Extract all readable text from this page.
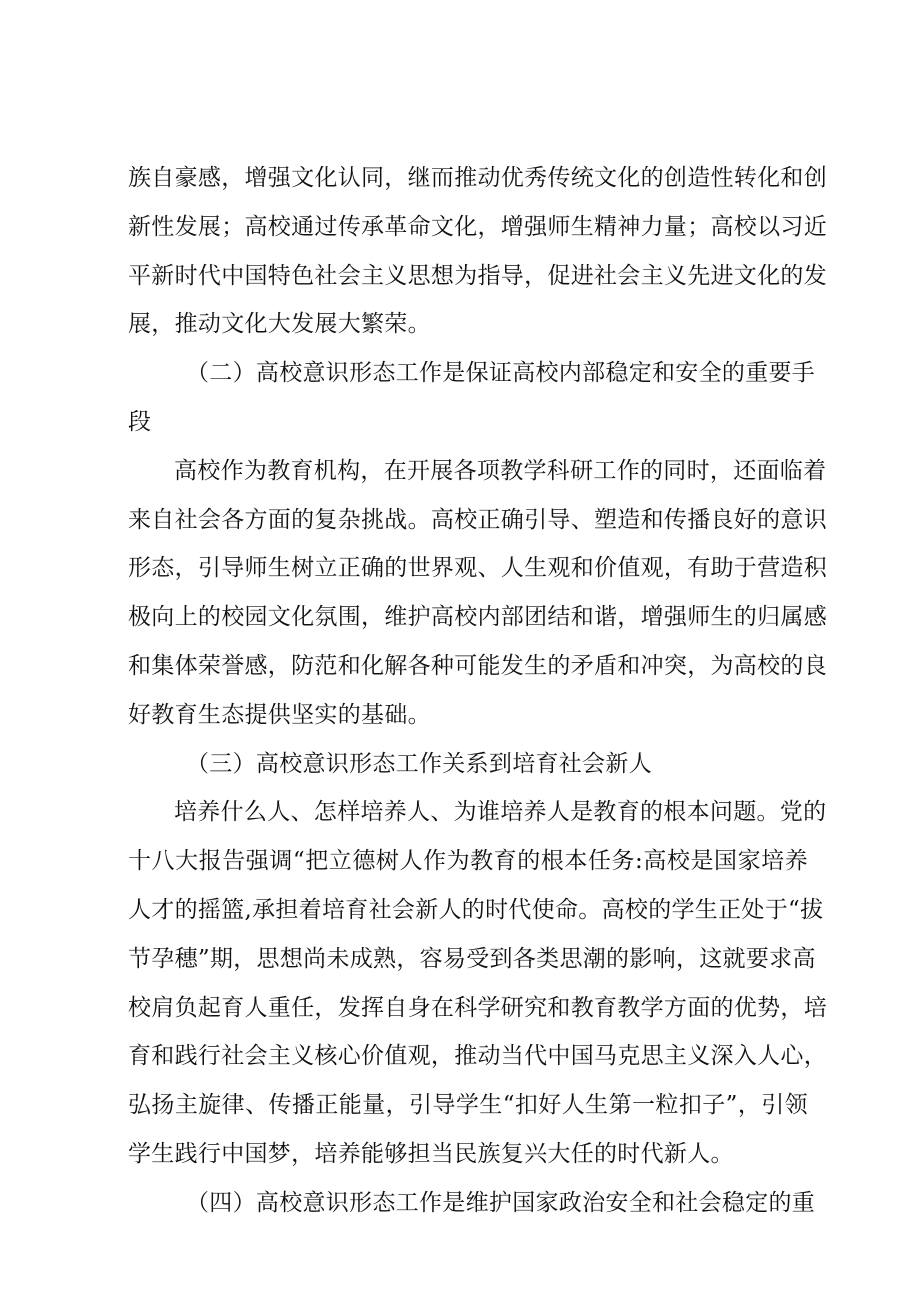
族自豪感，增强文化认同，继而推动优秀传统文化的创造性转化和创
新性发展；高校通过传承革命文化，增强师生精神力量；高校以习近
平新时代中国特色社会主义思想为指导，促进社会主义先进文化的发
展，推动文化大发展大繁荣。
（二）高校意识形态工作是保证高校内部稳定和安全的重要手
段
高校作为教育机构，在开展各项教学科研工作的同时，还面临着
来自社会各方面的复杂挑战。高校正确引导、塑造和传播良好的意识
形态，引导师生树立正确的世界观、人生观和价值观，有助于营造积
极向上的校园文化氛围，维护高校内部团结和谐，增强师生的归属感
和集体荣誉感，防范和化解各种可能发生的矛盾和冲突，为高校的良
好教育生态提供坚实的基础。
（三）高校意识形态工作关系到培育社会新人
培养什么人、怎样培养人、为谁培养人是教育的根本问题。党的
十八大报告强调“把立德树人作为教育的根本任务:高校是国家培养
人才的摇篮,承担着培育社会新人的时代使命。高校的学生正处于“拔
节孕穗”期，思想尚未成熟，容易受到各类思潮的影响，这就要求高
校肩负起育人重任，发挥自身在科学研究和教育教学方面的优势，培
育和践行社会主义核心价值观，推动当代中国马克思主义深入人心，
弘扬主旋律、传播正能量，引导学生“扣好人生第一粒扣子”，引领
学生践行中国梦，培养能够担当民族复兴大任的时代新人。
（四）高校意识形态工作是维护国家政治安全和社会稳定的重
